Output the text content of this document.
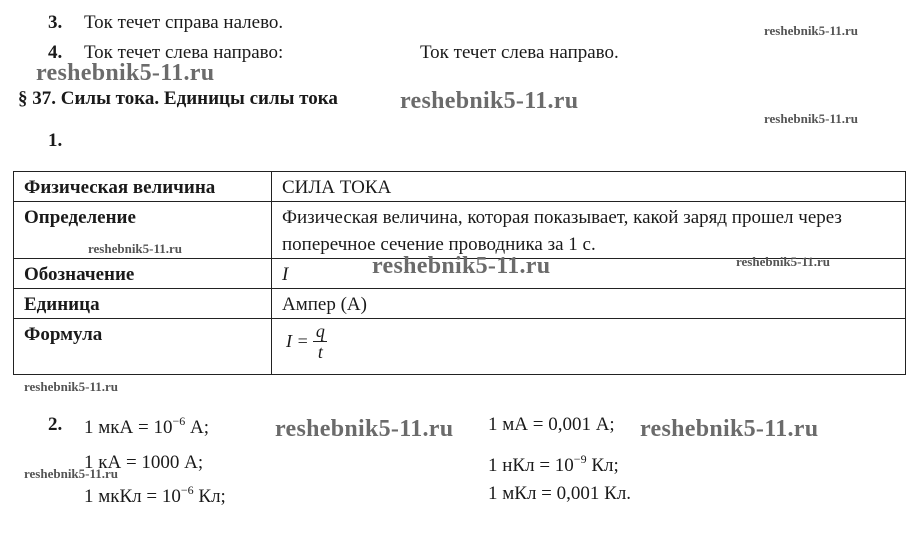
3. Ток течет справа налево.
4. Ток течет слева направо:	Ток течет слева направо.
§ 37. Силы тока. Единицы силы тока
1.
Физическая величина	СИЛА ТОКА
Определение	Физическая величина, которая показывает, какой заряд прошел через поперечное сечение проводника за 1 с.
Обозначение	I
Единица	Ампер (А)
Формула	$I = \frac{q}{t}$
2. 1 мкА = $10^{-6}$ А;
1 кА = 1000 А;
1 мкКл = $10^{-6}$ Кл;
1 мА = 0,001 А;
1 нКл = $10^{-9}$ Кл;
1 мКл = 0,001 Кл.
reshebnik5-11.ru
reshebnik5-11.ru
reshebnik5-11.ru
reshebnik5-11.ru
reshebnik5-11.ru
reshebnik5-11.ru	reshebnik5-11.ru
reshebnik5-11.ru
reshebnik5-11.ru	reshebnik5-11.ru
reshebnik5-11.ru
